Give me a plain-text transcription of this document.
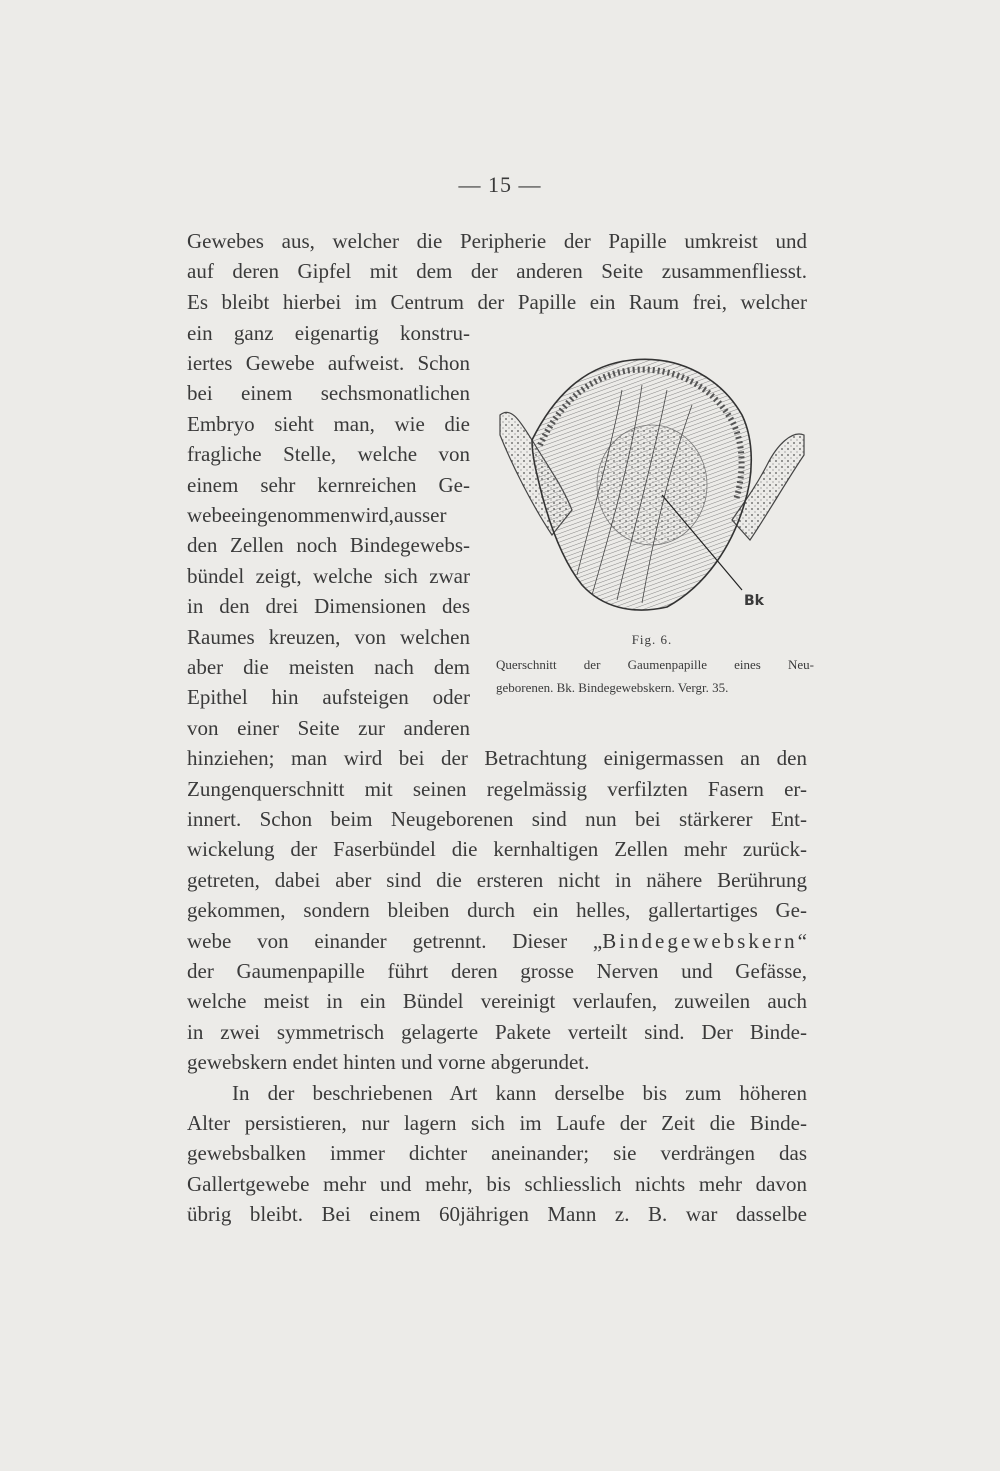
— 15 —
Gewebes aus, welcher die Peripherie der Papille umkreist und
auf deren Gipfel mit dem der anderen Seite zusammenfliesst.
Es bleibt hierbei im Centrum der Papille ein Raum frei, welcher
ein ganz eigenartig konstru-
iertes Gewebe aufweist. Schon
bei einem sechsmonatlichen
Embryo sieht man, wie die
fragliche Stelle, welche von
einem sehr kernreichen Ge-
webeeingenommenwird,ausser
den Zellen noch Bindegewebs-
bündel zeigt, welche sich zwar
in den drei Dimensionen des
Raumes kreuzen, von welchen
aber die meisten nach dem
Epithel hin aufsteigen oder
von einer Seite zur anderen
hinziehen; man wird bei der Betrachtung einigermassen an den
Zungenquerschnitt mit seinen regelmässig verfilzten Fasern er-
innert. Schon beim Neugeborenen sind nun bei stärkerer Ent-
wickelung der Faserbündel die kernhaltigen Zellen mehr zurück-
getreten, dabei aber sind die ersteren nicht in nähere Berührung
gekommen, sondern bleiben durch ein helles, gallertartiges Ge-
webe von einander getrennt. Dieser „Bindegewebskern“
der Gaumenpapille führt deren grosse Nerven und Gefässe,
welche meist in ein Bündel vereinigt verlaufen, zuweilen auch
in zwei symmetrisch gelagerte Pakete verteilt sind. Der Binde-
gewebskern endet hinten und vorne abgerundet.
In der beschriebenen Art kann derselbe bis zum höheren
Alter persistieren, nur lagern sich im Laufe der Zeit die Binde-
gewebsbalken immer dichter aneinander; sie verdrängen das
Gallertgewebe mehr und mehr, bis schliesslich nichts mehr davon
übrig bleibt. Bei einem 60jährigen Mann z. B. war dasselbe
Bk
Fig. 6.
Querschnitt der Gaumenpapille eines Neu-
geborenen. Bk. Bindegewebskern. Vergr. 35.
